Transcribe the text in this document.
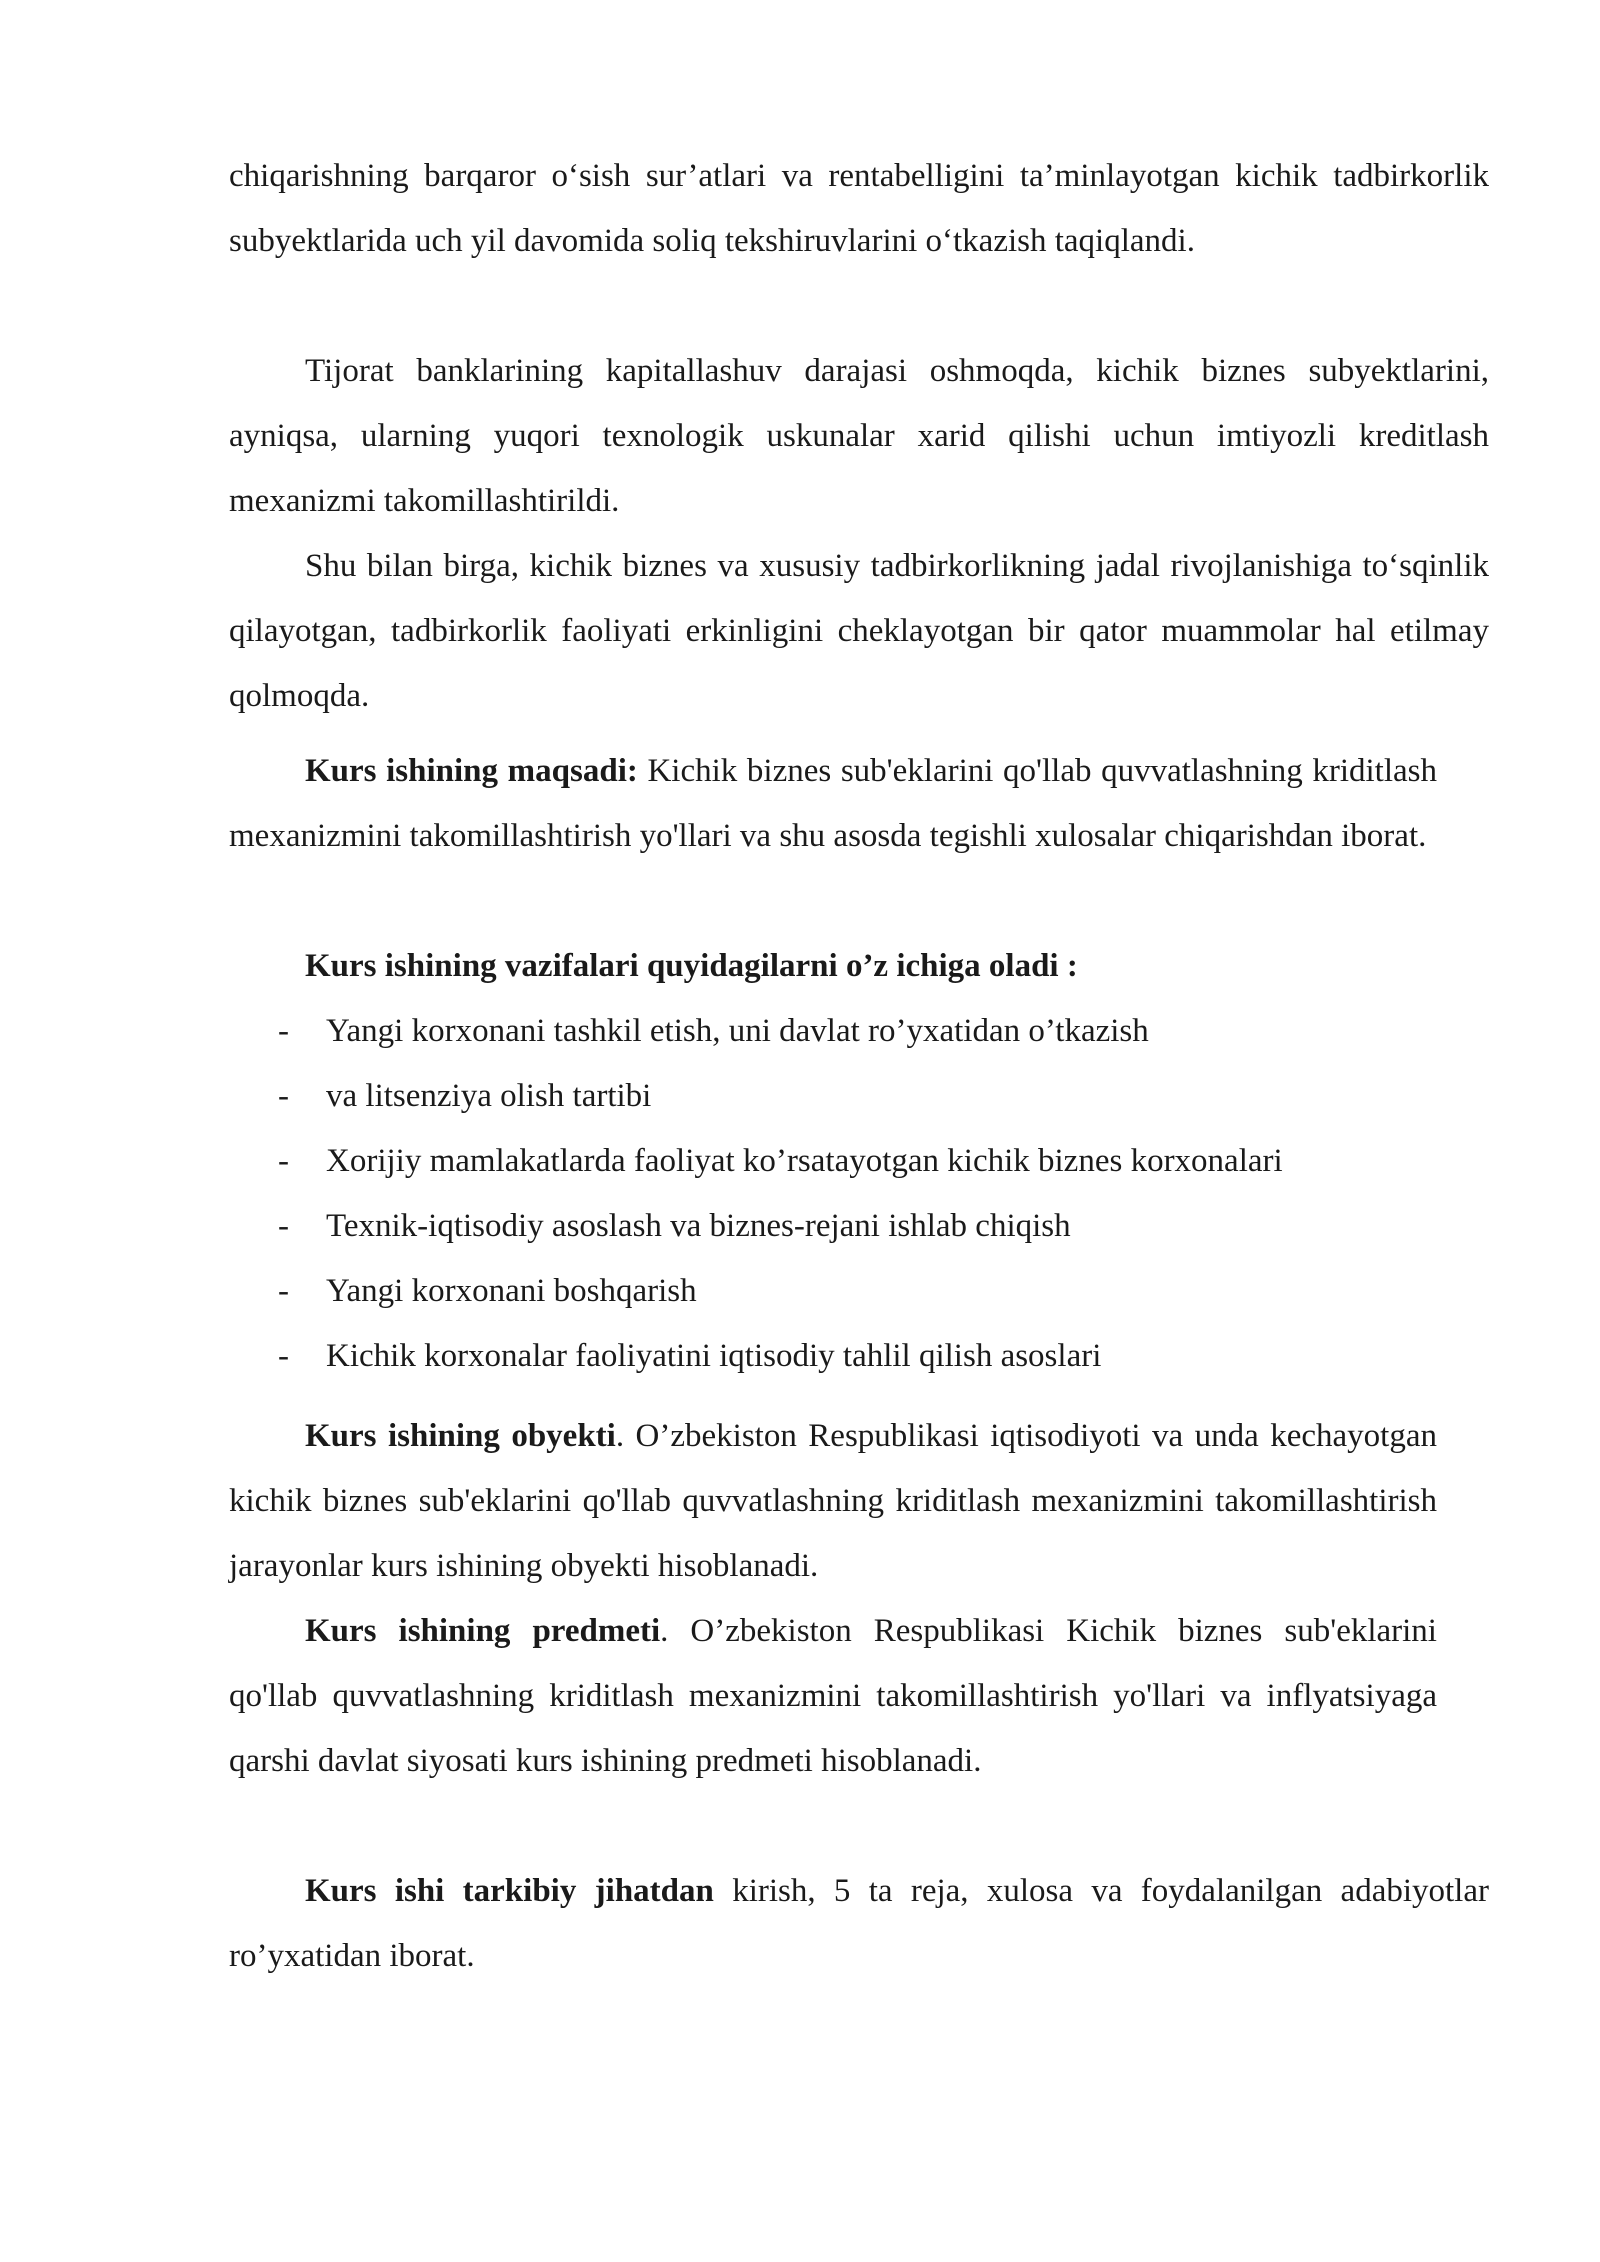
chiqarishning barqaror o‘sish sur’atlari va rentabelligini ta’minlayotgan kichik tadbirkorlik subyektlarida uch yil davomida soliq tekshiruvlarini o‘tkazish taqiqlandi.

Tijorat banklarining kapitallashuv darajasi oshmoqda, kichik biznes subyektlarini, ayniqsa, ularning yuqori texnologik uskunalar xarid qilishi uchun imtiyozli kreditlash mexanizmi takomillashtirildi.

Shu bilan birga, kichik biznes va xususiy tadbirkorlikning jadal rivojlanishiga to‘sqinlik qilayotgan, tadbirkorlik faoliyati erkinligini cheklayotgan bir qator muammolar hal etilmay qolmoqda.

Kurs ishining maqsadi: Kichik biznes sub'eklarini qo'llab quvvatlashning kriditlash mexanizmini takomillashtirish yo'llari va shu asosda tegishli xulosalar chiqarishdan iborat.

Kurs ishining vazifalari quyidagilarni o’z ichiga oladi :

- Yangi korxonani tashkil etish, uni davlat ro’yxatidan o’tkazish
- va litsenziya olish tartibi
- Xorijiy mamlakatlarda faoliyat ko’rsatayotgan kichik biznes korxonalari
- Texnik-iqtisodiy asoslash va biznes-rejani ishlab chiqish
- Yangi korxonani boshqarish
- Kichik korxonalar faoliyatini iqtisodiy tahlil qilish asoslari

Kurs ishining obyekti. O’zbekiston Respublikasi iqtisodiyoti va unda kechayotgan kichik biznes sub'eklarini qo'llab quvvatlashning kriditlash mexanizmini takomillashtirish jarayonlar kurs ishining obyekti hisoblanadi.

Kurs ishining predmeti. O’zbekiston Respublikasi Kichik biznes sub'eklarini qo'llab quvvatlashning kriditlash mexanizmini takomillashtirish yo'llari va inflyatsiyaga qarshi davlat siyosati kurs ishining predmeti hisoblanadi.

Kurs ishi tarkibiy jihatdan kirish, 5 ta reja, xulosa va foydalanilgan adabiyotlar ro’yxatidan iborat.
